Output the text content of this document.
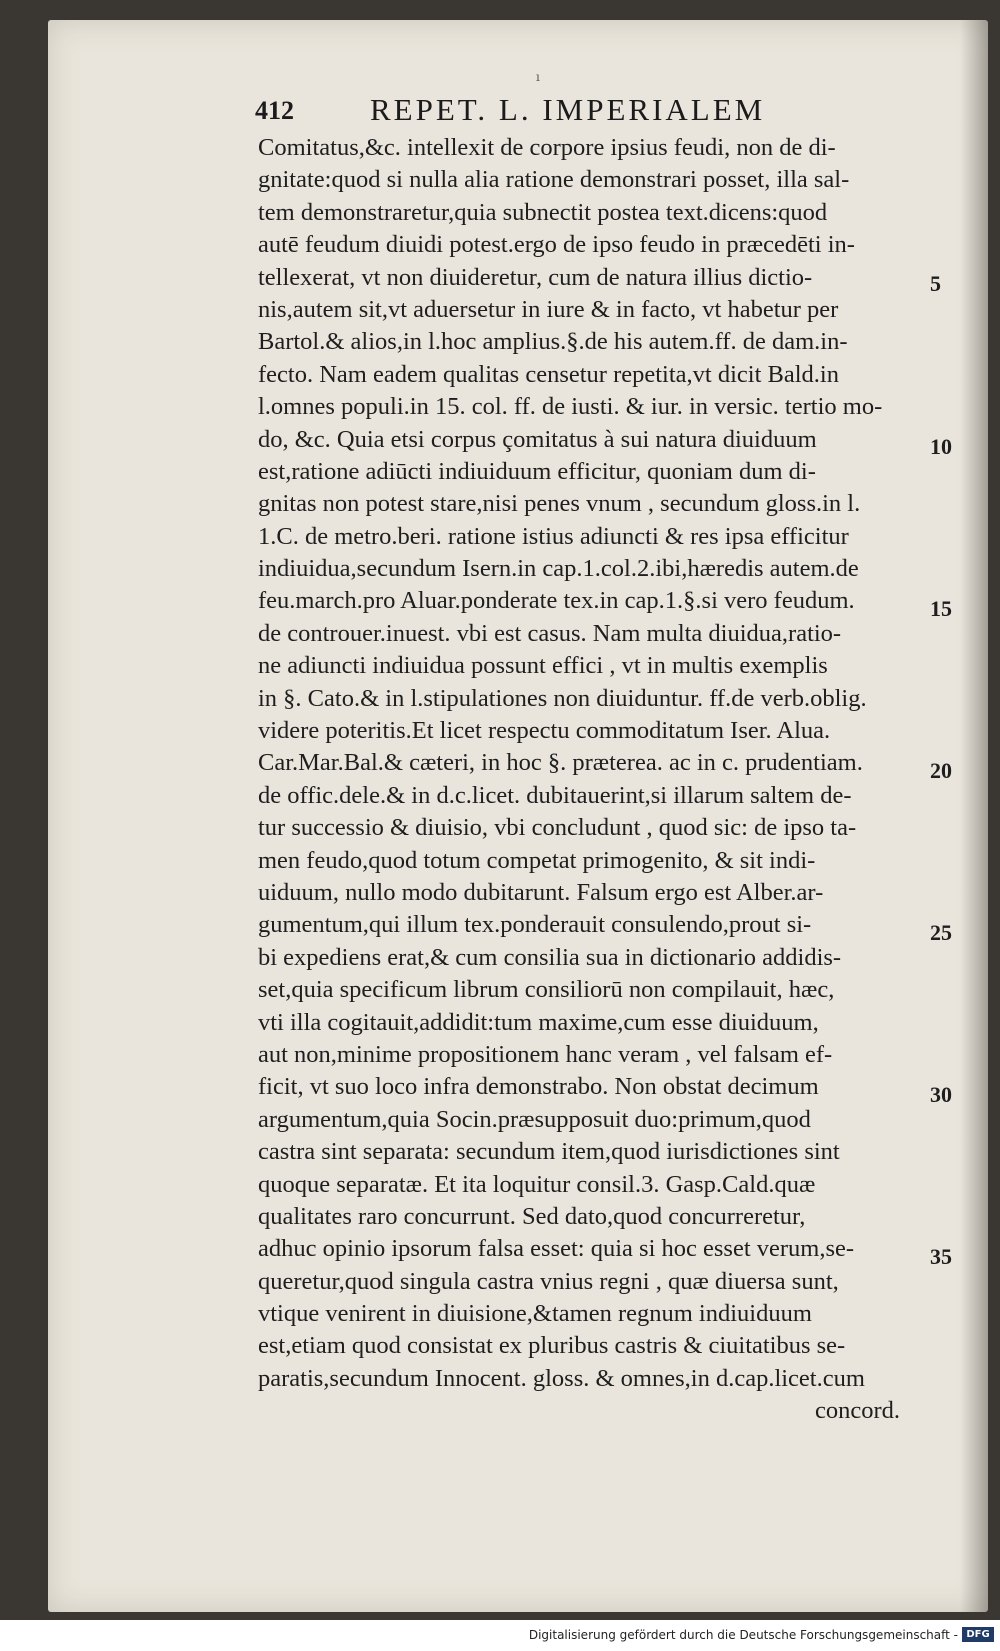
ı
412 REPET. L. IMPERIALEM
Comitatus,&c. intellexit de corpore ipsius feudi, non de di-
gnitate:quod si nulla alia ratione demonstrari posset, illa sal-
tem demonstraretur,quia subnectit postea text.dicens:quod
autē feudum diuidi potest.ergo de ipso feudo in præcedēti in-
tellexerat, vt non diuideretur, cum de natura illius dictio-
nis,autem sit,vt aduersetur in iure & in facto, vt habetur per
Bartol.& alios,in l.hoc amplius.§.de his autem.ff. de dam.in-
fecto. Nam eadem qualitas censetur repetita,vt dicit Bald.in
l.omnes populi.in 15. col. ff. de iusti. & iur. in versic. tertio mo-
do, &c. Quia etsi corpus çomitatus à sui natura diuiduum
est,ratione adiūcti indiuiduum efficitur, quoniam dum di-
gnitas non potest stare,nisi penes vnum , secundum gloss.in l.
1.C. de metro.beri. ratione istius adiuncti & res ipsa efficitur
indiuidua,secundum Isern.in cap.1.col.2.ibi,hæredis autem.de
feu.march.pro Aluar.ponderate tex.in cap.1.§.si vero feudum.
de controuer.inuest. vbi est casus. Nam multa diuidua,ratio-
ne adiuncti indiuidua possunt effici , vt in multis exemplis
in §. Cato.& in l.stipulationes non diuiduntur. ff.de verb.oblig.
videre poteritis.Et licet respectu commoditatum Iser. Alua.
Car.Mar.Bal.& cæteri, in hoc §. præterea. ac in c. prudentiam.
de offic.dele.& in d.c.licet. dubitauerint,si illarum saltem de-
tur successio & diuisio, vbi concludunt , quod sic: de ipso ta-
men feudo,quod totum competat primogenito, & sit indi-
uiduum, nullo modo dubitarunt. Falsum ergo est Alber.ar-
gumentum,qui illum tex.ponderauit consulendo,prout si-
bi expediens erat,& cum consilia sua in dictionario addidis-
set,quia specificum librum consiliorū non compilauit, hæc,
vti illa cogitauit,addidit:tum maxime,cum esse diuiduum,
aut non,minime propositionem hanc veram , vel falsam ef-
ficit, vt suo loco infra demonstrabo. Non obstat decimum
argumentum,quia Socin.præsupposuit duo:primum,quod
castra sint separata: secundum item,quod iurisdictiones sint
quoque separatæ. Et ita loquitur consil.3. Gasp.Cald.quæ
qualitates raro concurrunt. Sed dato,quod concurreretur,
adhuc opinio ipsorum falsa esset: quia si hoc esset verum,se-
queretur,quod singula castra vnius regni , quæ diuersa sunt,
vtique venirent in diuisione,&tamen regnum indiuiduum
est,etiam quod consistat ex pluribus castris & ciuitatibus se-
paratis,secundum Innocent. gloss. & omnes,in d.cap.licet.cum
concord.
5
10
15
20
25
30
35
Digitalisierung gefördert durch die Deutsche Forschungsgemeinschaft - DFG
